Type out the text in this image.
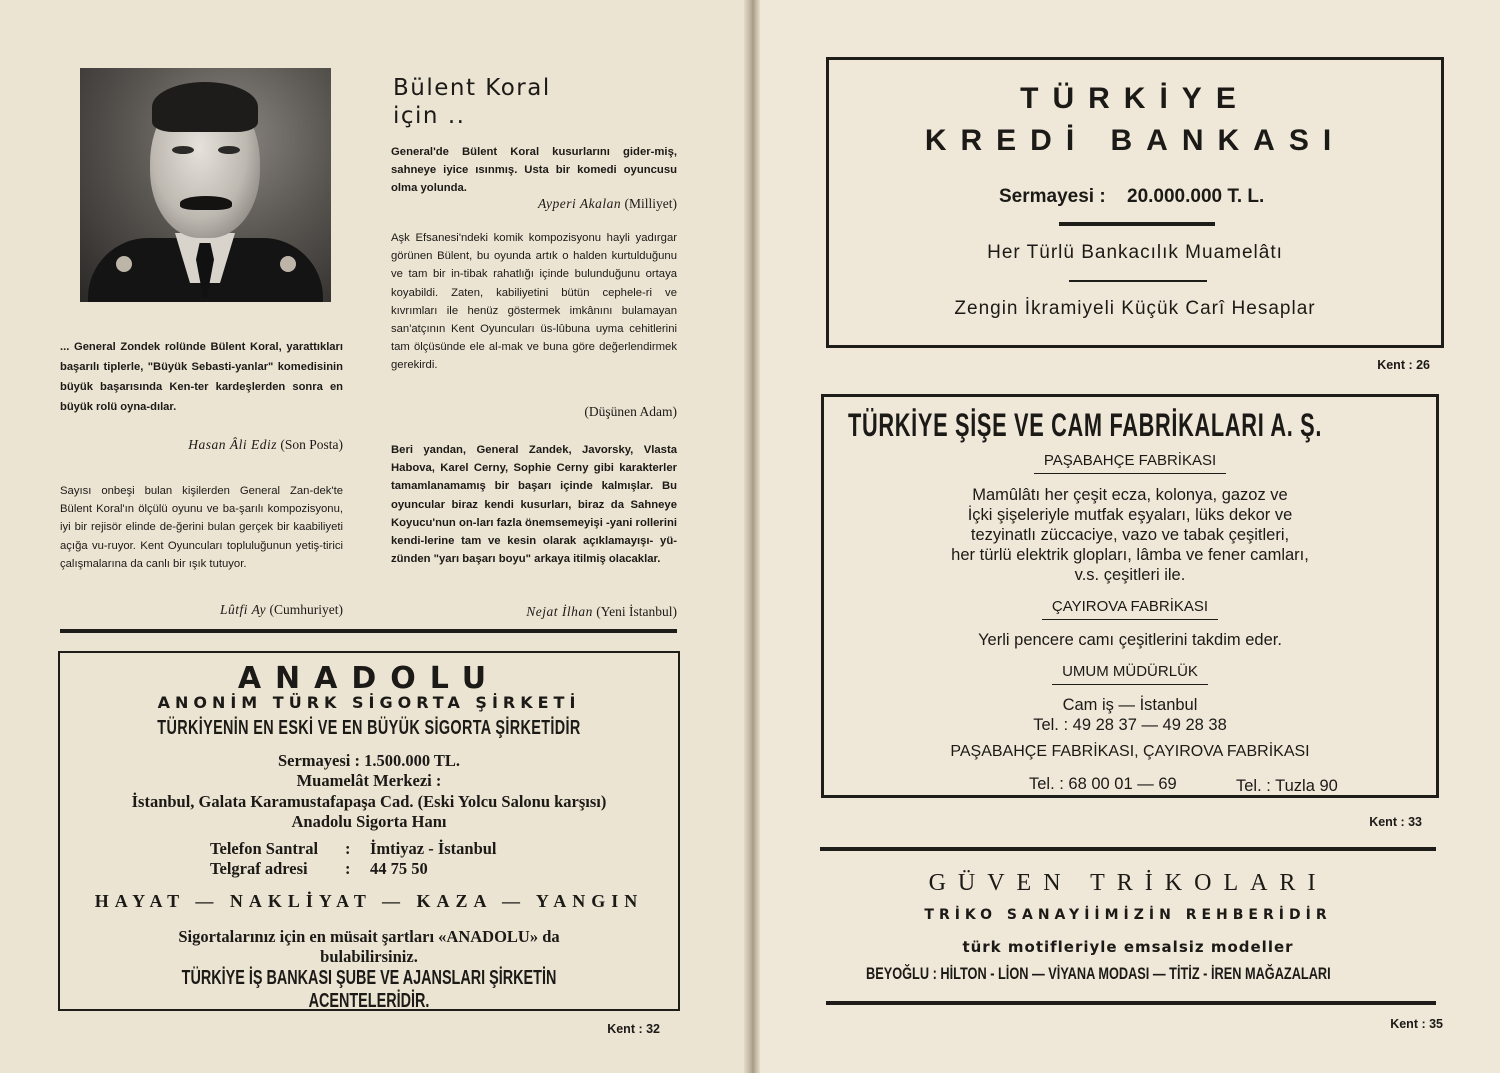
... General Zondek rolünde Bülent Koral, yarattıkları başarılı tiplerle, "Büyük Sebasti-yanlar" komedisinin büyük başarısında Ken-ter kardeşlerden sonra en büyük rolü oyna-dılar.
Hasan Âli Ediz (Son Posta)
Sayısı onbeşi bulan kişilerden General Zan-dek'te Bülent Koral'ın ölçülü oyunu ve ba-şarılı kompozisyonu, iyi bir rejisör elinde de-ğerini bulan gerçek bir kaabiliyeti açığa vu-ruyor. Kent Oyuncuları topluluğunun yetiş-tirici çalışmalarına da canlı bir ışık tutuyor.
Lûtfi Ay (Cumhuriyet)
Bülent Koral
için ..
General'de Bülent Koral kusurlarını gider-miş, sahneye iyice ısınmış. Usta bir komedi oyuncusu olma yolunda.
Ayperi Akalan (Milliyet)
Aşk Efsanesi'ndeki komik kompozisyonu hayli yadırgar görünen Bülent, bu oyunda artık o halden kurtulduğunu ve tam bir in-tibak rahatlığı içinde bulunduğunu ortaya koyabildi. Zaten, kabiliyetini bütün cephele-ri ve kıvrımları ile henüz göstermek imkânını bulamayan san'atçının Kent Oyuncuları üs-lûbuna uyma cehitlerini tam ölçüsünde ele al-mak ve buna göre değerlendirmek gerekirdi.
(Düşünen Adam)
Beri yandan, General Zandek, Javorsky, Vlasta Habova, Karel Cerny, Sophie Cerny gibi karakterler tamamlanamamış bir başarı içinde kalmışlar. Bu oyuncular biraz kendi kusurları, biraz da Sahneye Koyucu'nun on-ları fazla önemsemeyişi -yani rollerini kendi-lerine tam ve kesin olarak açıklamayışı- yü-zünden "yarı başarı boyu" arkaya itilmiş olacaklar.
Nejat İlhan (Yeni İstanbul)
ANADOLU
ANONİM TÜRK SİGORTA ŞİRKETİ
TÜRKİYENİN EN ESKİ VE EN BÜYÜK SİGORTA ŞİRKETİDİR
Sermayesi : 1.500.000 TL.
Muamelât Merkezi :
İstanbul, Galata Karamustafapaşa Cad. (Eski Yolcu Salonu karşısı)
Anadolu Sigorta Hanı
Telefon Santral : İmtiyaz - İstanbul
Telgraf adresi : 44 75 50
HAYAT — NAKLİYAT — KAZA — YANGIN
Sigortalarınız için en müsait şartları «ANADOLU» da
bulabilirsiniz.
TÜRKİYE İŞ BANKASI ŞUBE VE AJANSLARI ŞİRKETİN ACENTELERİDİR.
Kent : 32
TÜRKİYE
KREDİ BANKASI
Sermayesi : 20.000.000 T. L.
Her Türlü Bankacılık Muamelâtı
Zengin İkramiyeli Küçük Carî Hesaplar
Kent : 26
TÜRKİYE ŞİŞE VE CAM FABRİKALARI A. Ş.
PAŞABAHÇE FABRİKASI
Mamûlâtı her çeşit ecza, kolonya, gazoz ve
İçki şişeleriyle mutfak eşyaları, lüks dekor ve
tezyinatlı züccaciye, vazo ve tabak çeşitleri,
her türlü elektrik glopları, lâmba ve fener camları,
v.s. çeşitleri ile.
ÇAYIROVA FABRİKASI
Yerli pencere camı çeşitlerini takdim eder.
UMUM MÜDÜRLÜK
Cam iş — İstanbul
Tel. : 49 28 37 — 49 28 38
PAŞABAHÇE FABRİKASI, ÇAYIROVA FABRİKASI
Tel. : 68 00 01 — 69	Tel. : Tuzla 90
Kent : 33
GÜVEN TRİKOLARI
TRİKO SANAYİİMİZİN REHBERİDİR
türk motifleriyle emsalsiz modeller
BEYOĞLU : HİLTON - LİON — VİYANA MODASI — TİTİZ - İREN MAĞAZALARI
Kent : 35
